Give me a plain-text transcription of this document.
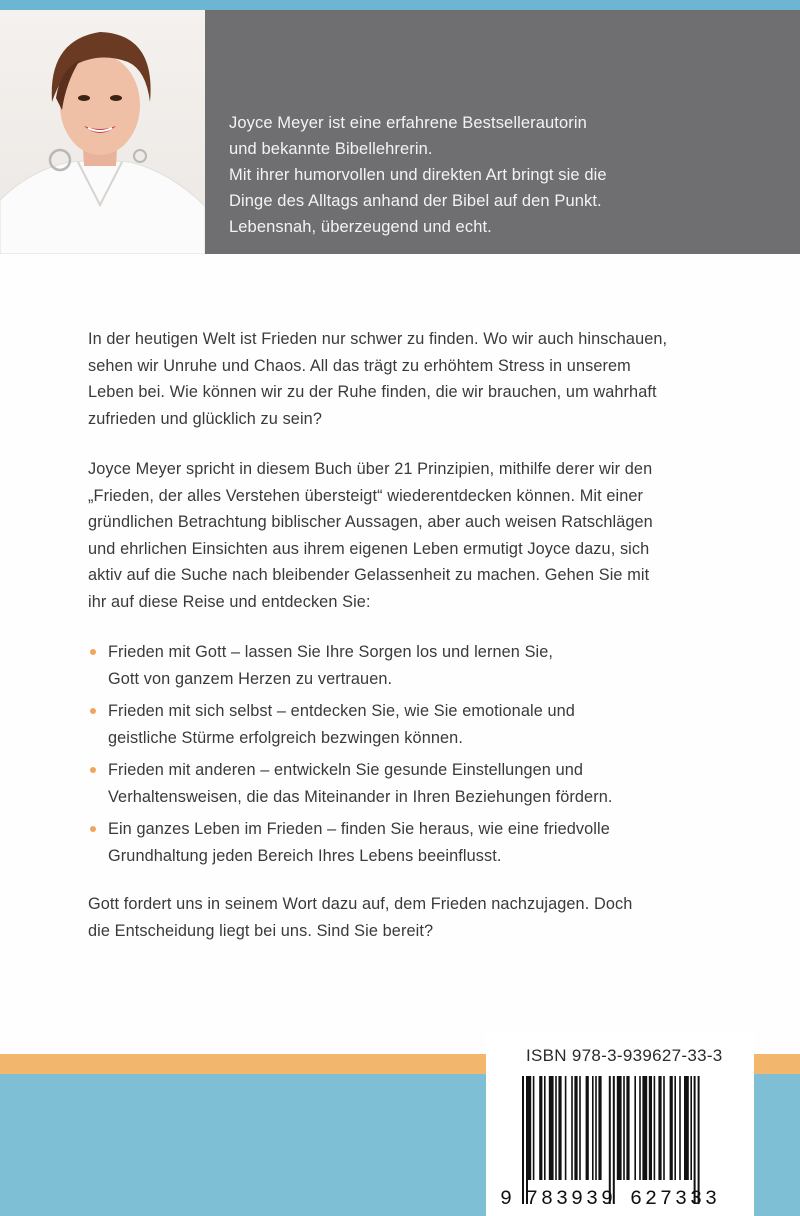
Joyce Meyer ist eine erfahrene Bestsellerautorin
und bekannte Bibellehrerin.
Mit ihrer humorvollen und direkten Art bringt sie die
Dinge des Alltags anhand der Bibel auf den Punkt.
Lebensnah, überzeugend und echt.
In der heutigen Welt ist Frieden nur schwer zu finden. Wo wir auch hinschauen,
sehen wir Unruhe und Chaos. All das trägt zu erhöhtem Stress in unserem
Leben bei. Wie können wir zu der Ruhe finden, die wir brauchen, um wahrhaft
zufrieden und glücklich zu sein?
Joyce Meyer spricht in diesem Buch über 21 Prinzipien, mithilfe derer wir den
„Frieden, der alles Verstehen übersteigt“ wiederentdecken können. Mit einer
gründlichen Betrachtung biblischer Aussagen, aber auch weisen Ratschlägen
und ehrlichen Einsichten aus ihrem eigenen Leben ermutigt Joyce dazu, sich
aktiv auf die Suche nach bleibender Gelassenheit zu machen. Gehen Sie mit
ihr auf diese Reise und entdecken Sie:
Frieden mit Gott – lassen Sie Ihre Sorgen los und lernen Sie,
Gott von ganzem Herzen zu vertrauen.
Frieden mit sich selbst – entdecken Sie, wie Sie emotionale und
geistliche Stürme erfolgreich bezwingen können.
Frieden mit anderen – entwickeln Sie gesunde Einstellungen und
Verhaltensweisen, die das Miteinander in Ihren Beziehungen fördern.
Ein ganzes Leben im Frieden – finden Sie heraus, wie eine friedvolle
Grundhaltung jeden Bereich Ihres Lebens beeinflusst.
Gott fordert uns in seinem Wort dazu auf, dem Frieden nachzujagen. Doch
die Entscheidung liegt bei uns. Sind Sie bereit?
ISBN 978-3-939627-33-3
9 783939 627333
